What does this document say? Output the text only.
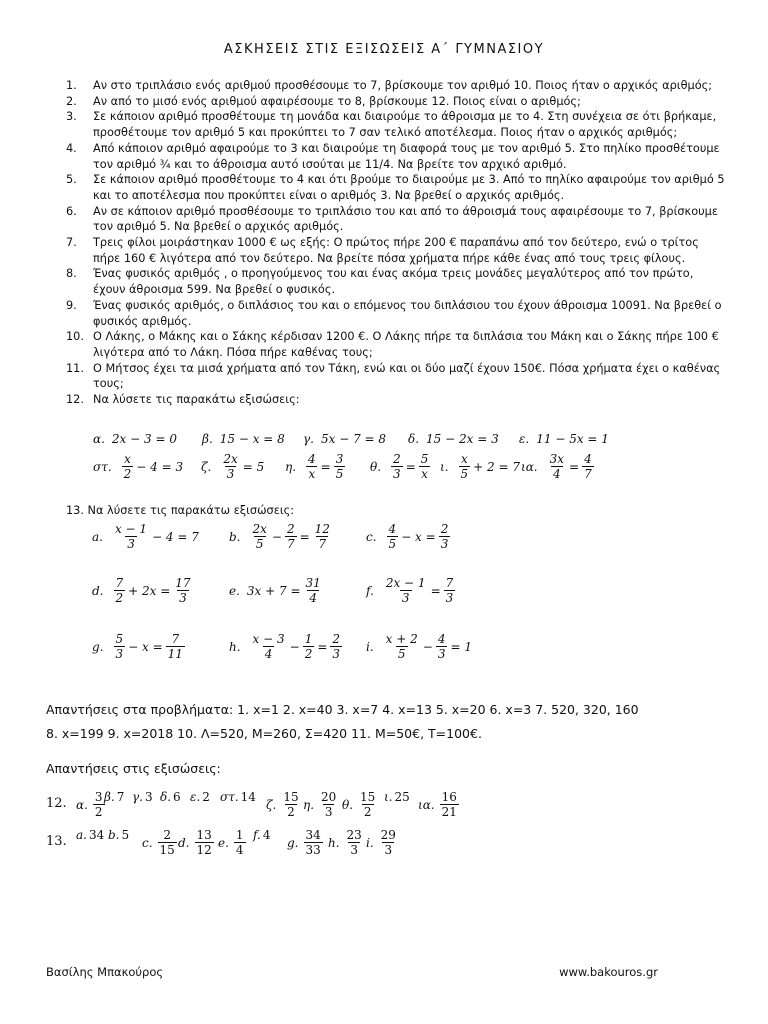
ΑΣΚΗΣΕΙΣ ΣΤΙΣ ΕΞΙΣΩΣΕΙΣ Α΄ ΓΥΜΝΑΣΙΟΥ
1.	Αν στο τριπλάσιο ενός αριθμού προσθέσουμε το 7, βρίσκουμε τον αριθμό 10. Ποιος ήταν ο αρχικός αριθμός;
2.	Αν από το μισό ενός αριθμού αφαιρέσουμε το 8, βρίσκουμε 12. Ποιος είναι ο αριθμός;
3.	Σε κάποιον αριθμό προσθέτουμε τη μονάδα και διαιρούμε το άθροισμα με το 4. Στη συνέχεια σε ότι βρήκαμε, προσθέτουμε τον αριθμό 5 και προκύπτει το 7 σαν τελικό αποτέλεσμα. Ποιος ήταν ο αρχικός αριθμός;
4.	Από κάποιον αριθμό αφαιρούμε το 3 και διαιρούμε τη διαφορά τους με τον αριθμό 5. Στο πηλίκο προσθέτουμε τον αριθμό ¾ και το άθροισμα αυτό ισούται με 11/4. Να βρείτε τον αρχικό αριθμό.
5.	Σε κάποιον αριθμό προσθέτουμε το 4 και ότι βρούμε το διαιρούμε με 3. Από το πηλίκο αφαιρούμε τον αριθμό 5 και το αποτέλεσμα που προκύπτει είναι ο αριθμός 3. Να βρεθεί ο αρχικός αριθμός.
6.	Αν σε κάποιον αριθμό προσθέσουμε το τριπλάσιο του και από το άθροισμά τους αφαιρέσουμε το 7, βρίσκουμε τον αριθμό 5. Να βρεθεί ο αρχικός αριθμός.
7.	Τρεις φίλοι μοιράστηκαν 1000 € ως εξής: Ο πρώτος πήρε 200 € παραπάνω από τον δεύτερο, ενώ ο τρίτος πήρε 160 € λιγότερα από τον δεύτερο. Να βρείτε πόσα χρήματα πήρε κάθε ένας από τους τρεις φίλους.
8.	Ένας φυσικός αριθμός , ο προηγούμενος του και ένας ακόμα τρεις μονάδες μεγαλύτερος από τον πρώτο, έχουν άθροισμα 599. Να βρεθεί ο φυσικός.
9.	Ένας φυσικός αριθμός, ο διπλάσιος του και ο επόμενος του διπλάσιου του έχουν άθροισμα 10091. Να βρεθεί ο φυσικός αριθμός.
10. Ο Λάκης, ο Μάκης και ο Σάκης κέρδισαν 1200 €. Ο Λάκης πήρε τα διπλάσια του Μάκη και ο Σάκης πήρε 100 € λιγότερα από το Λάκη. Πόσα πήρε καθένας τους;
11. Ο Μήτσος έχει τα μισά χρήματα από τον Τάκη, ενώ και οι δύο μαζί έχουν 150€. Πόσα χρήματα έχει ο καθένας τους;
12. Να λύσετε τις παρακάτω εξισώσεις:
α. 2x − 3 = 0 β. 15 − x = 8 γ. 5x − 7 = 8 δ. 15 − 2x = 3 ε. 11 − 5x = 1
στ. $\frac{x}{2} - 4 = 3$ ζ. $\frac{2x}{3} = 5$ η. $\frac{4}{x} = \frac{3}{5} \theta$. $\frac{2}{3} = \frac{5}{x} \iota$. $\frac{x}{5} + 2 = 7$ ια. $\frac{3x}{4} = \frac{4}{7}$
13. Να λύσετε τις παρακάτω εξισώσεις:
a. $\frac{x - 1}{3} - 4 = 7$	b. $\frac{2x}{5} - \frac{2}{7} = \frac{12}{7}$	c. $\frac{4}{5} - x = \frac{2}{3}$
d. $\frac{7}{2} + 2x = \frac{17}{3}$	e. $3x + 7 = \frac{31}{4}$	f. $\frac{2x - 1}{3} = \frac{7}{3}$
g. $\frac{5}{3} - x = \frac{7}{11}$	h. $\frac{x - 3}{4} - \frac{1}{2} = \frac{2}{3} i$. $\frac{x + 2}{5} - \frac{4}{3} = 1$
Απαντήσεις στα προβλήματα: 1. x=1 2. x=40 3. x=7 4. x=13 5. x=20 6. x=3 7. 520, 320, 160
8. x=199 9. x=2018 10. Λ=520, Μ=260, Σ=420 11. Μ=50€, Τ=100€.
Απαντήσεις στις εξισώσεις:
12. α. $\frac{3}{2} \beta$. 7 γ. 3 δ. 6 ε. 2 στ. 14
ζ. $\frac{15}{2} \eta$. $\frac{20}{3} \theta$. $\frac{15}{2} \iota$. 25
ια. $\frac{16}{21}$
13. a. 34 b. 5
c. $\frac{2}{15} d$. $\frac{13}{12} e$. $\frac{1}{4} f$. 4
g. $\frac{34}{33} h$. $\frac{23}{3} i$. $\frac{29}{3}$
Βασίλης Μπακούρος	www.bakouros.gr
